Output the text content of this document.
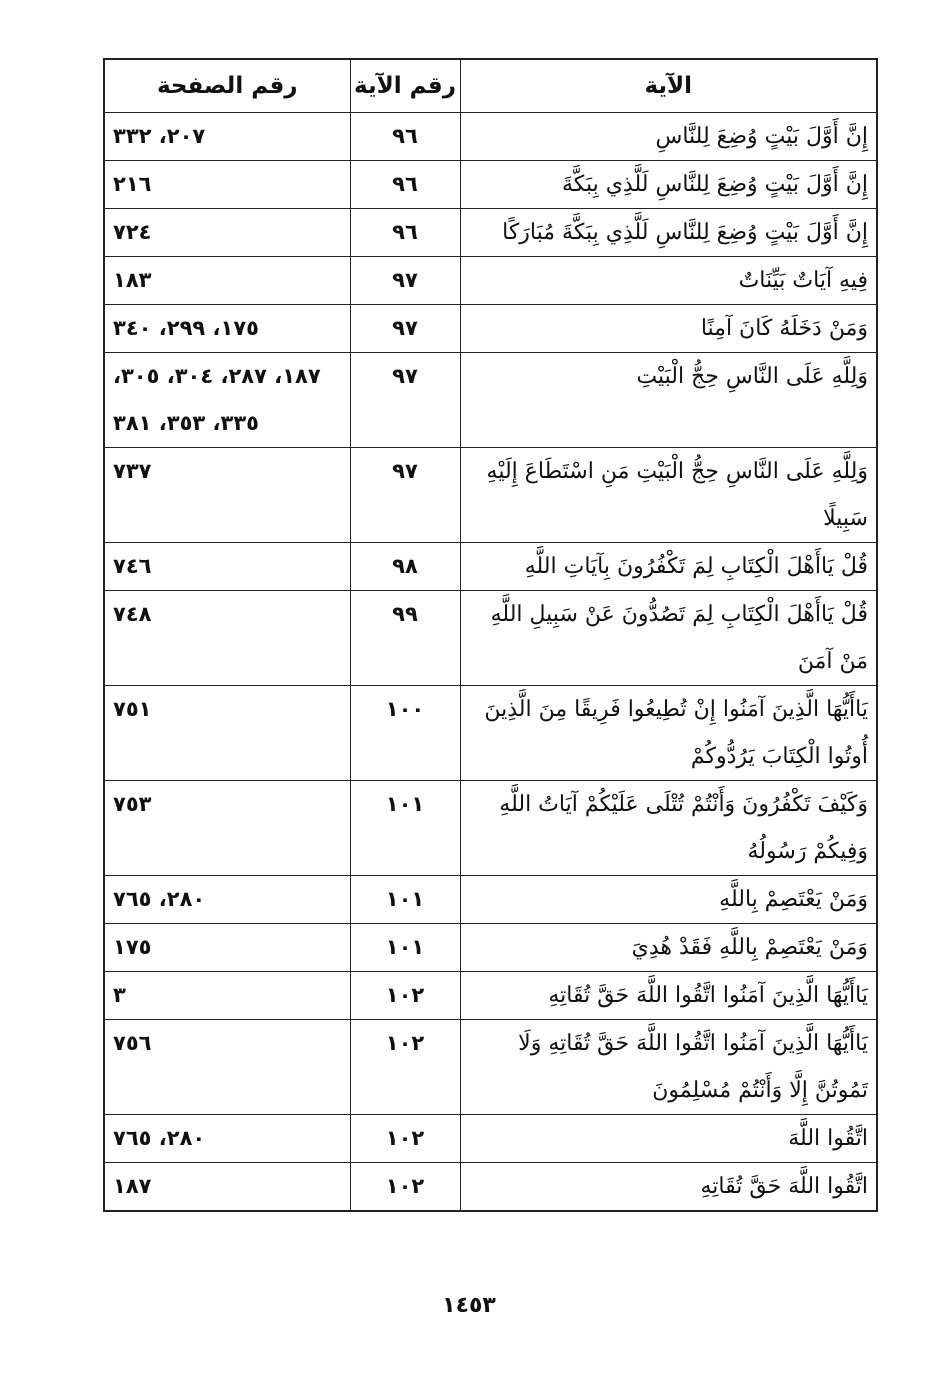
رقم الصفحة	رقم الآية	الآية
٢٠٧، ٣٣٢	٩٦	إِنَّ أَوَّلَ بَيْتٍ وُضِعَ لِلنَّاسِ
٢١٦	٩٦	إِنَّ أَوَّلَ بَيْتٍ وُضِعَ لِلنَّاسِ لَلَّذِي بِبَكَّةَ
٧٢٤	٩٦	إِنَّ أَوَّلَ بَيْتٍ وُضِعَ لِلنَّاسِ لَلَّذِي بِبَكَّةَ مُبَارَكًا
١٨٣	٩٧	فِيهِ آيَاتٌ بَيِّنَاتٌ
١٧٥، ٢٩٩، ٣٤٠	٩٧	وَمَنْ دَخَلَهُ كَانَ آمِنًا
١٨٧، ٢٨٧، ٣٠٤، ٣٠٥، ٣٣٥، ٣٥٣، ٣٨١	٩٧	وَلِلَّهِ عَلَى النَّاسِ حِجُّ الْبَيْتِ
٧٣٧	٩٧	وَلِلَّهِ عَلَى النَّاسِ حِجُّ الْبَيْتِ مَنِ اسْتَطَاعَ إِلَيْهِ سَبِيلًا
٧٤٦	٩٨	قُلْ يَاأَهْلَ الْكِتَابِ لِمَ تَكْفُرُونَ بِآيَاتِ اللَّهِ
٧٤٨	٩٩	قُلْ يَاأَهْلَ الْكِتَابِ لِمَ تَصُدُّونَ عَنْ سَبِيلِ اللَّهِ مَنْ آمَنَ
٧٥١	١٠٠	يَاأَيُّهَا الَّذِينَ آمَنُوا إِنْ تُطِيعُوا فَرِيقًا مِنَ الَّذِينَ أُوتُوا الْكِتَابَ يَرُدُّوكُمْ
٧٥٣	١٠١	وَكَيْفَ تَكْفُرُونَ وَأَنْتُمْ تُتْلَى عَلَيْكُمْ آيَاتُ اللَّهِ وَفِيكُمْ رَسُولُهُ
٢٨٠، ٧٦٥	١٠١	وَمَنْ يَعْتَصِمْ بِاللَّهِ
١٧٥	١٠١	وَمَنْ يَعْتَصِمْ بِاللَّهِ فَقَدْ هُدِيَ
٣	١٠٢	يَاأَيُّهَا الَّذِينَ آمَنُوا اتَّقُوا اللَّهَ حَقَّ تُقَاتِهِ
٧٥٦	١٠٢	يَاأَيُّهَا الَّذِينَ آمَنُوا اتَّقُوا اللَّهَ حَقَّ تُقَاتِهِ وَلَا تَمُوتُنَّ إِلَّا وَأَنْتُمْ مُسْلِمُونَ
٢٨٠، ٧٦٥	١٠٢	اتَّقُوا اللَّهَ
١٨٧	١٠٢	اتَّقُوا اللَّهَ حَقَّ تُقَاتِهِ
١٤٥٣
